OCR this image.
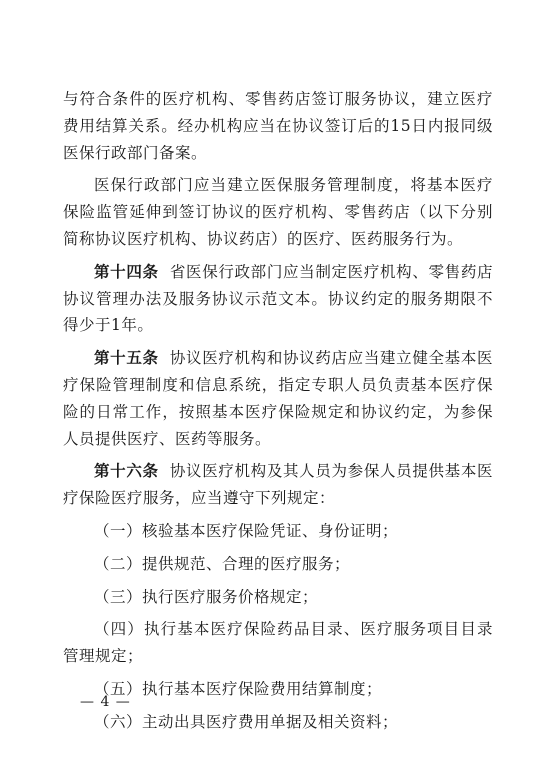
与符合条件的医疗机构、零售药店签订服务协议，建立医疗费用结算关系。经办机构应当在协议签订后的15日内报同级医保行政部门备案。

医保行政部门应当建立医保服务管理制度，将基本医疗保险监管延伸到签订协议的医疗机构、零售药店（以下分别简称协议医疗机构、协议药店）的医疗、医药服务行为。

第十四条 省医保行政部门应当制定医疗机构、零售药店协议管理办法及服务协议示范文本。协议约定的服务期限不得少于1年。

第十五条 协议医疗机构和协议药店应当建立健全基本医疗保险管理制度和信息系统，指定专职人员负责基本医疗保险的日常工作，按照基本医疗保险规定和协议约定，为参保人员提供医疗、医药等服务。

第十六条 协议医疗机构及其人员为参保人员提供基本医疗保险医疗服务，应当遵守下列规定：

（一）核验基本医疗保险凭证、身份证明；

（二）提供规范、合理的医疗服务；

（三）执行医疗服务价格规定；

（四）执行基本医疗保险药品目录、医疗服务项目目录管理规定；

（五）执行基本医疗保险费用结算制度；

（六）主动出具医疗费用单据及相关资料；

— 4 —
